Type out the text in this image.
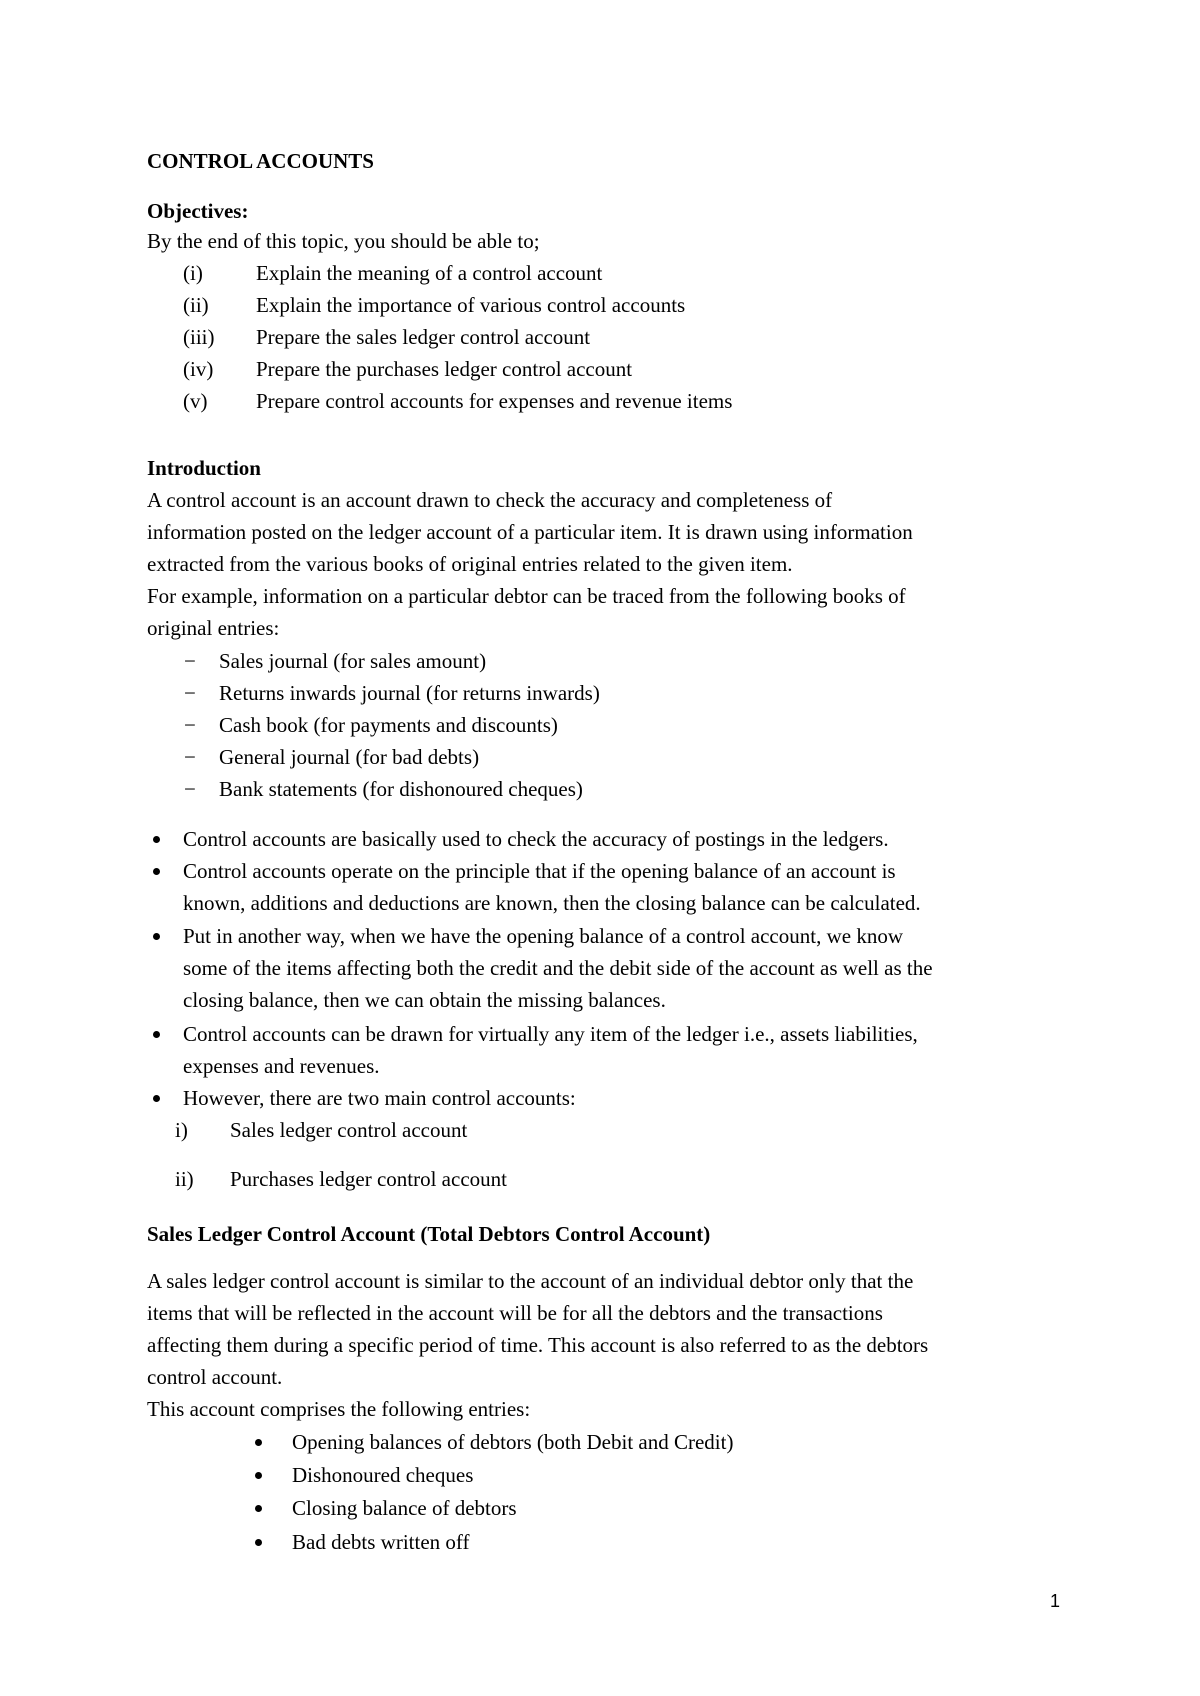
CONTROL ACCOUNTS
Objectives:
By the end of this topic, you should be able to;
(i)	Explain the meaning of a control account
(ii) Explain the importance of various control accounts
(iii) Prepare the sales ledger control account
(iv) Prepare the purchases ledger control account
(v) Prepare control accounts for expenses and revenue items
Introduction
A control account is an account drawn to check the accuracy and completeness of
information posted on the ledger account of a particular item. It is drawn using information
extracted from the various books of original entries related to the given item.
For example, information on a particular debtor can be traced from the following books of
original entries:
− Sales journal (for sales amount)
− Returns inwards journal (for returns inwards)
− Cash book (for payments and discounts)
− General journal (for bad debts)
− Bank statements (for dishonoured cheques)
Control accounts are basically used to check the accuracy of postings in the ledgers.
Control accounts operate on the principle that if the opening balance of an account is
known, additions and deductions are known, then the closing balance can be calculated.
Put in another way, when we have the opening balance of a control account, we know
some of the items affecting both the credit and the debit side of the account as well as the
closing balance, then we can obtain the missing balances.
Control accounts can be drawn for virtually any item of the ledger i.e., assets liabilities,
expenses and revenues.
However, there are two main control accounts:
i) Sales ledger control account
ii) Purchases ledger control account
Sales Ledger Control Account (Total Debtors Control Account)
A sales ledger control account is similar to the account of an individual debtor only that the
items that will be reflected in the account will be for all the debtors and the transactions
affecting them during a specific period of time. This account is also referred to as the debtors
control account.
This account comprises the following entries:
Opening balances of debtors (both Debit and Credit)
Dishonoured cheques
Closing balance of debtors
Bad debts written off
1
